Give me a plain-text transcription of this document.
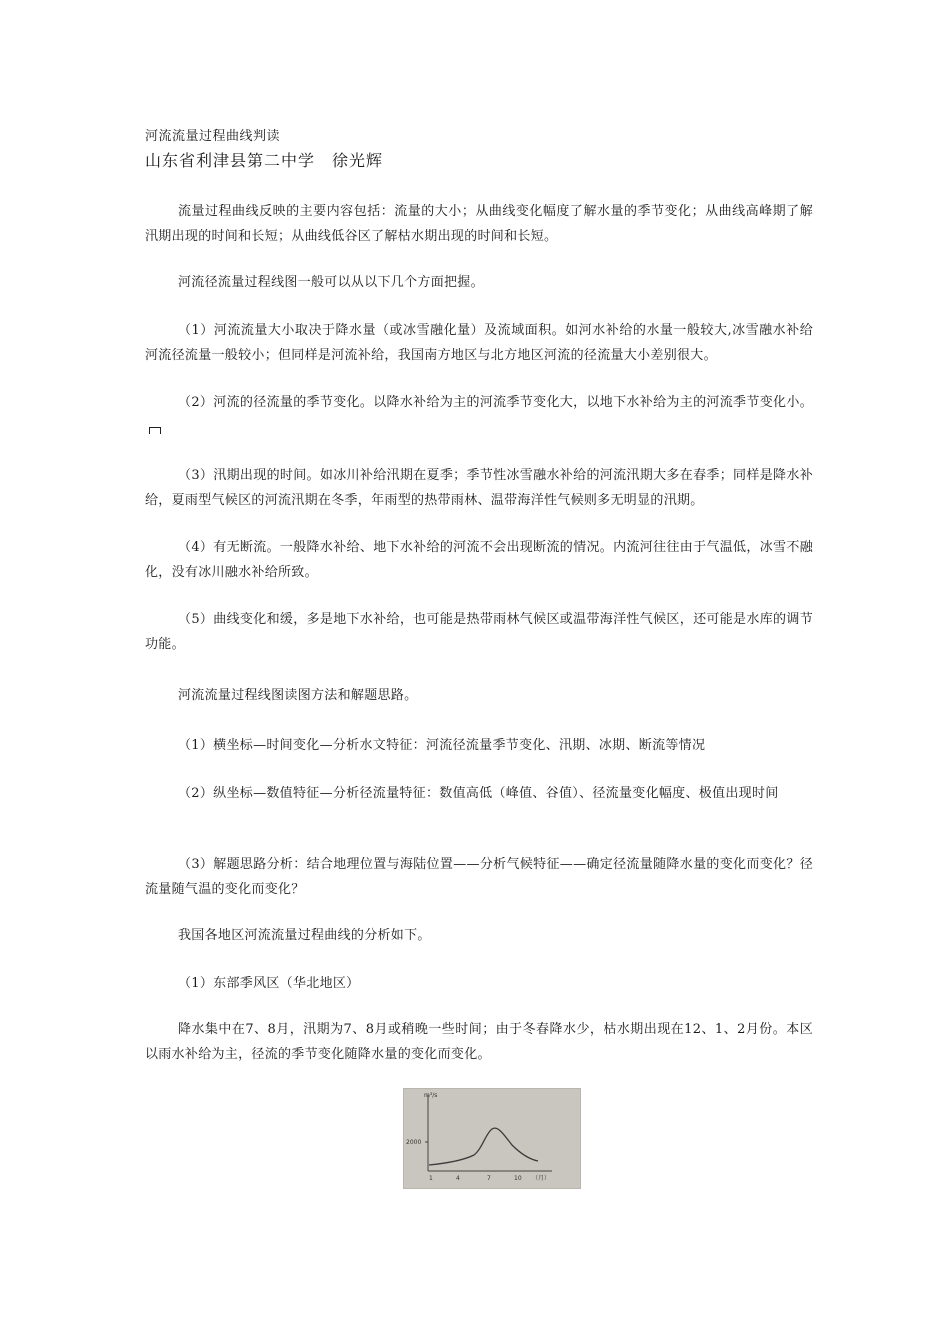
河流流量过程曲线判读
山东省利津县第二中学　徐光辉

流量过程曲线反映的主要内容包括：流量的大小；从曲线变化幅度了解水量的季节变化；从曲线高峰期了解汛期出现的时间和长短；从曲线低谷区了解枯水期出现的时间和长短。

河流径流量过程线图一般可以从以下几个方面把握。

（1）河流流量大小取决于降水量（或冰雪融化量）及流域面积。如河水补给的水量一般较大,冰雪融水补给河流径流量一般较小；但同样是河流补给，我国南方地区与北方地区河流的径流量大小差别很大。

（2）河流的径流量的季节变化。以降水补给为主的河流季节变化大，以地下水补给为主的河流季节变化小。

（3）汛期出现的时间。如冰川补给汛期在夏季；季节性冰雪融水补给的河流汛期大多在春季；同样是降水补给，夏雨型气候区的河流汛期在冬季，年雨型的热带雨林、温带海洋性气候则多无明显的汛期。

（4）有无断流。一般降水补给、地下水补给的河流不会出现断流的情况。内流河往往由于气温低，冰雪不融化，没有冰川融水补给所致。

（5）曲线变化和缓，多是地下水补给，也可能是热带雨林气候区或温带海洋性气候区，还可能是水库的调节功能。

河流流量过程线图读图方法和解题思路。

（1）横坐标—时间变化—分析水文特征：河流径流量季节变化、汛期、冰期、断流等情况

（2）纵坐标—数值特征—分析径流量特征：数值高低（峰值、谷值）、径流量变化幅度、极值出现时间

（3）解题思路分析：结合地理位置与海陆位置——分析气候特征——确定径流量随降水量的变化而变化？径流量随气温的变化而变化？

我国各地区河流流量过程曲线的分析如下。

（1）东部季风区（华北地区）

降水集中在7、8月，汛期为7、8月或稍晚一些时间；由于冬春降水少，枯水期出现在12、1、2月份。本区以雨水补给为主，径流的季节变化随降水量的变化而变化。

m³/s
2000
1	4	7	10 （月）
